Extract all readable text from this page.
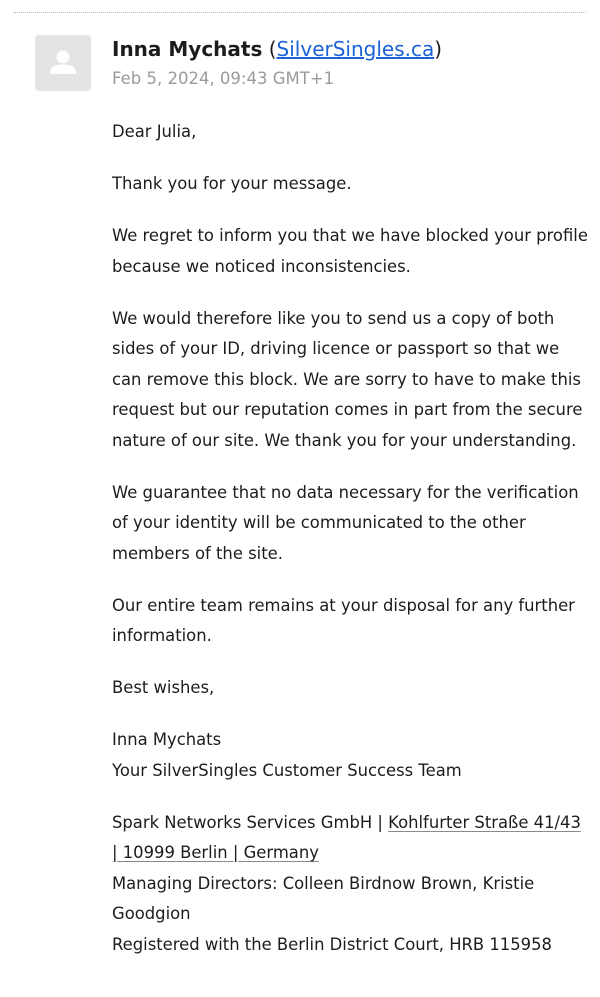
Inna Mychats (SilverSingles.ca)
Feb 5, 2024, 09:43 GMT+1

Dear Julia,

Thank you for your message.

We regret to inform you that we have blocked your profile because we noticed inconsistencies.

We would therefore like you to send us a copy of both sides of your ID, driving licence or passport so that we can remove this block. We are sorry to have to make this request but our reputation comes in part from the secure nature of our site. We thank you for your understanding.

We guarantee that no data necessary for the verification of your identity will be communicated to the other members of the site.

Our entire team remains at your disposal for any further information.

Best wishes,

Inna Mychats
Your SilverSingles Customer Success Team

Spark Networks Services GmbH | Kohlfurter Straße 41/43 | 10999 Berlin | Germany
Managing Directors: Colleen Birdnow Brown, Kristie Goodgion
Registered with the Berlin District Court, HRB 115958
